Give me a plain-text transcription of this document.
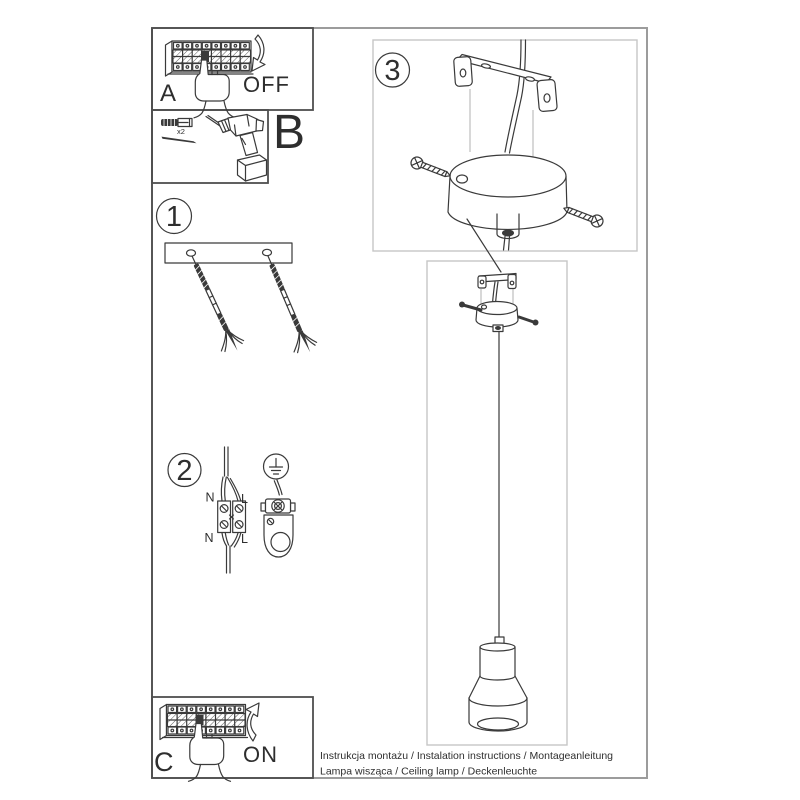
A	OFF
x2 B
1
2
N L
N L
3
C	ON	Instrukcja montażu / Instalation instructions / Montageanleitung
Lampa wisząca / Ceiling lamp / Deckenleuchte
